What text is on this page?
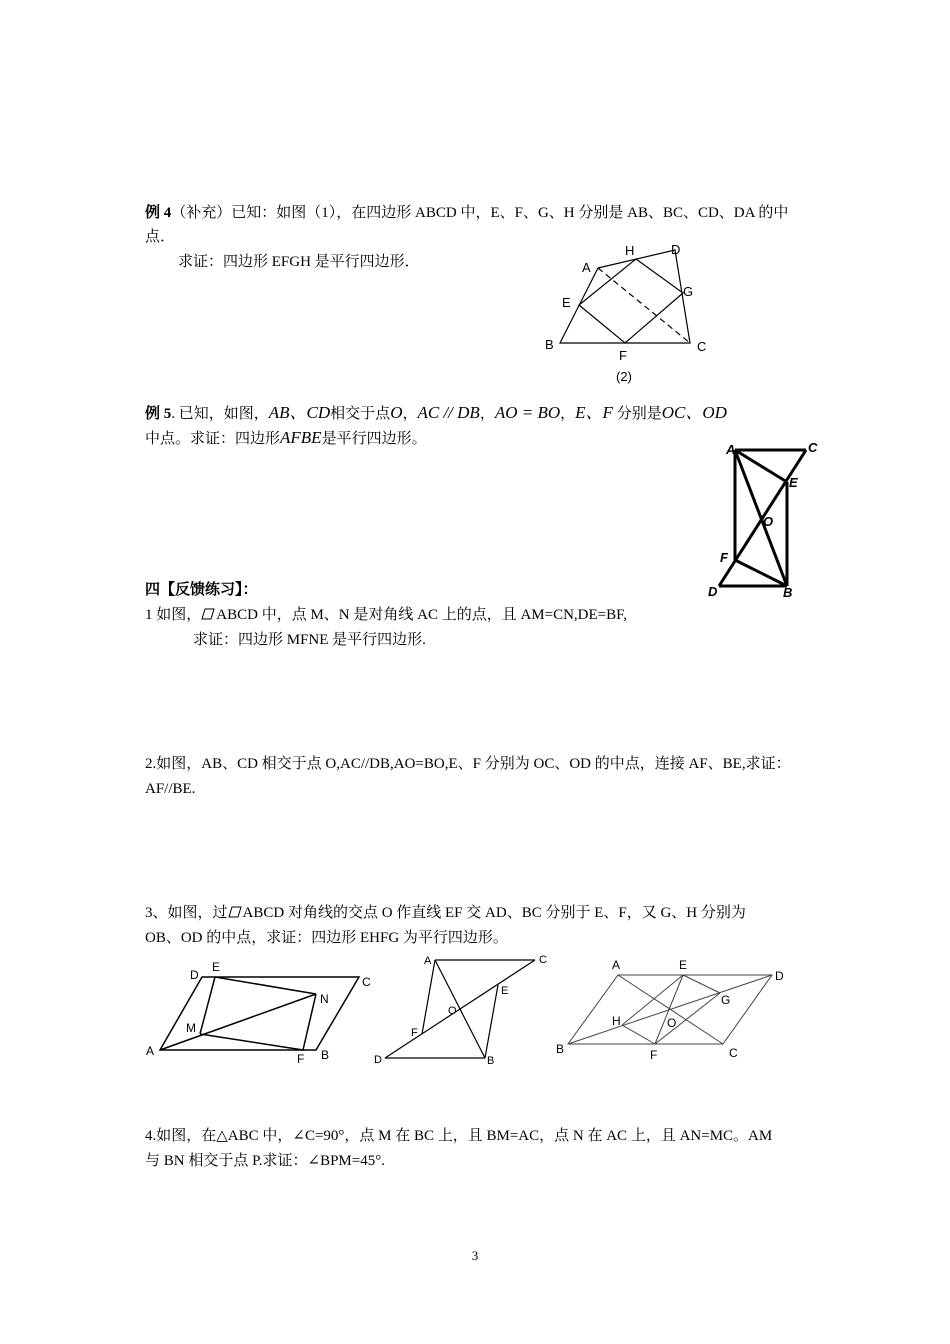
例 4（补充）已知：如图（1），在四边形 ABCD 中，E、F、G、H 分别是 AB、BC、CD、DA 的中
点．
求证：四边形 EFGH 是平行四边形．	A
B	C
D
E
F
G
H
(2)
例 5. 已知，如图，AB、CD相交于点O，AC // DB，AO = BO，E、F 分别是OC、OD
中点。求证：四边形AFBE是平行四边形。
A	C
E
O
F
D	B
四【反馈练习】：
1 如图， ABCD 中，点 M、N 是对角线 AC 上的点，且 AM=CN,DE=BF,
求证：四边形 MFNE 是平行四边形.
2.如图，AB、CD 相交于点 O,AC//DB,AO=BO,E、F 分别为 OC、OD 的中点，连接 AF、BE,求证：
AF//BE.
3、如图，过 ABCD 对角线的交点 O 作直线 EF 交 AD、BC 分别于 E、F，又 G、H 分别为
OB、OD 的中点，求证：四边形 EHFG 为平行四边形。
A	B
C
D
E
F
M
N
A	C
E
O
F
D	B
A
B	C
D
E
F
G
H	O
4.如图，在△ABC 中，∠C=90°，点 M 在 BC 上，且 BM=AC，点 N 在 AC 上，且 AN=MC。AM
与 BN 相交于点 P.求证：∠BPM=45°.
3
